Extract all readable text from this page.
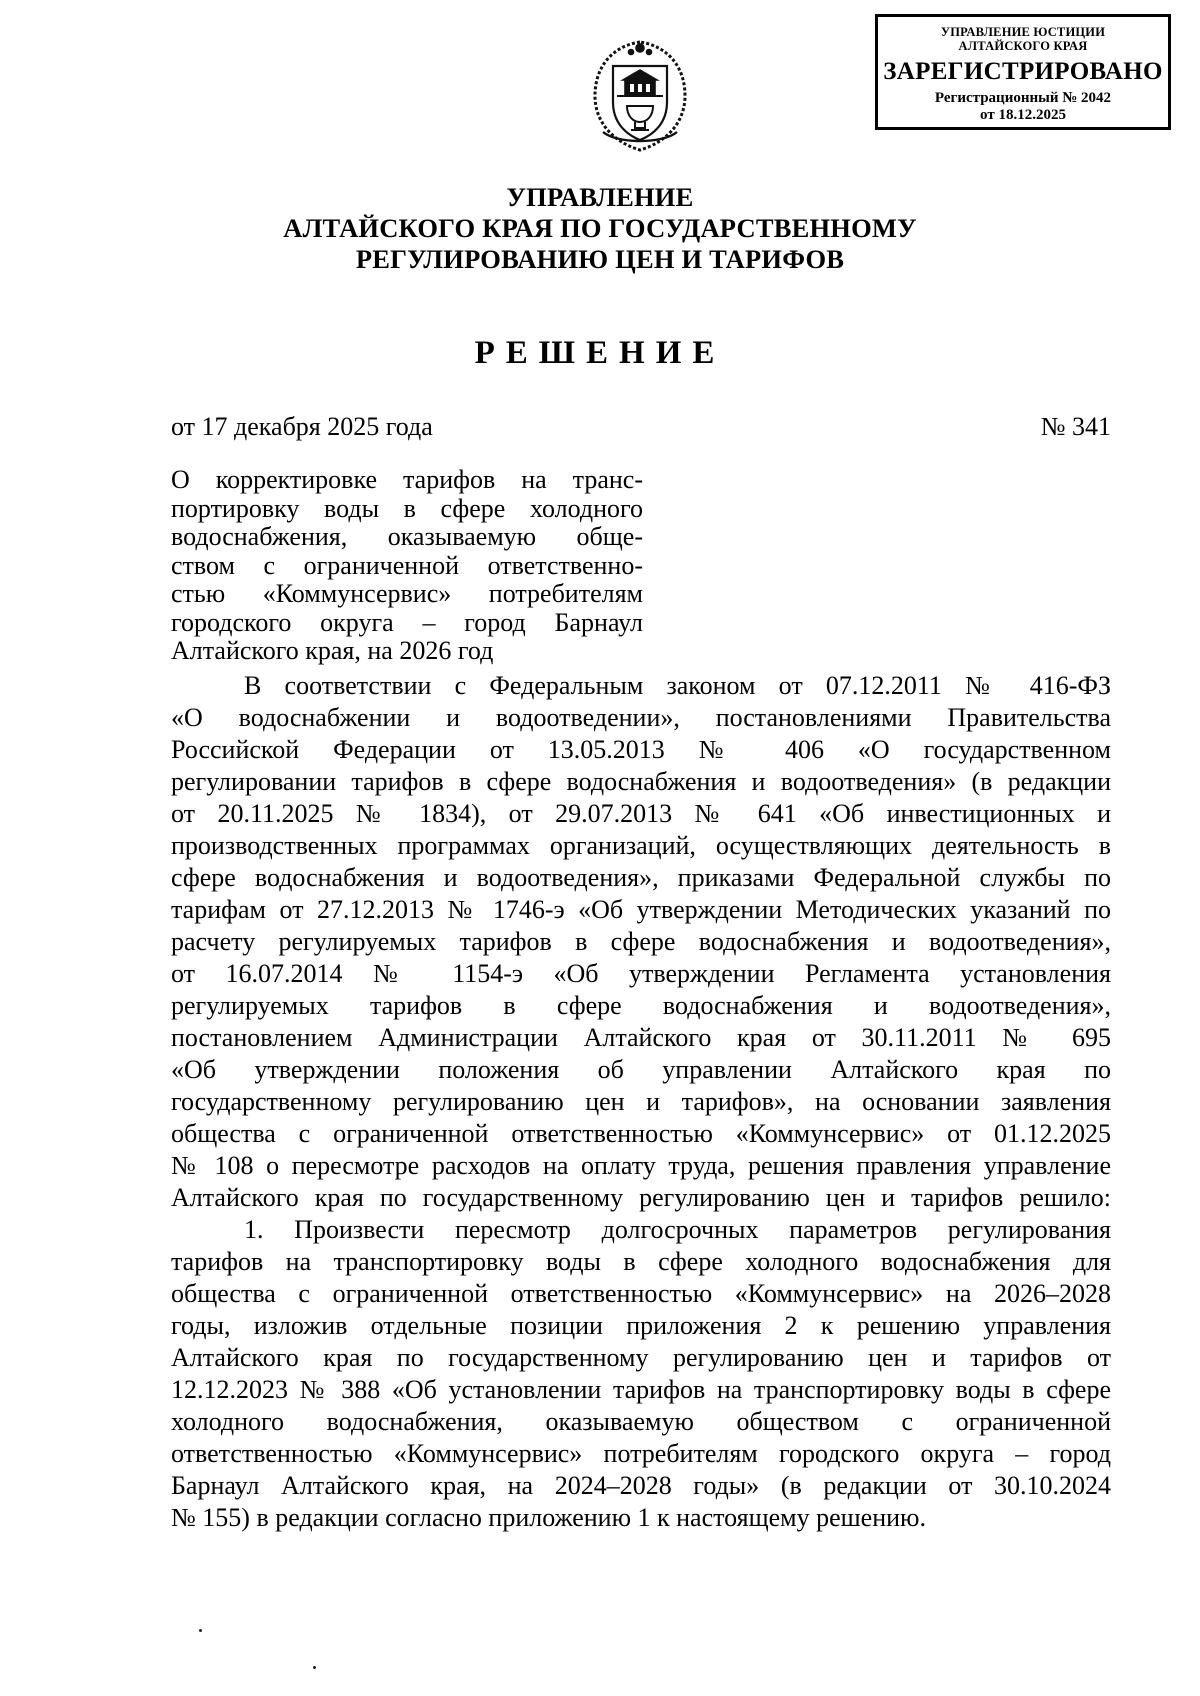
УПРАВЛЕНИЕ ЮСТИЦИИ
АЛТАЙСКОГО КРАЯ
ЗАРЕГИСТРИРОВАНО
Регистрационный № 2042
от 18.12.2025
УПРАВЛЕНИЕ
АЛТАЙСКОГО КРАЯ ПО ГОСУДАРСТВЕННОМУ
РЕГУЛИРОВАНИЮ ЦЕН И ТАРИФОВ
РЕШЕНИЕ
от 17 декабря 2025 года	№ 341
О корректировке тарифов на транс-
портировку воды в сфере холодного
водоснабжения, оказываемую обще-
ством с ограниченной ответственно-
стью «Коммунсервис» потребителям
городского округа – город Барнаул
Алтайского края, на 2026 год
В соответствии с Федеральным законом от 07.12.2011 № 416-ФЗ
«О водоснабжении и водоотведении», постановлениями Правительства
Российской Федерации от 13.05.2013 № 406 «О государственном
регулировании тарифов в сфере водоснабжения и водоотведения» (в редакции
от 20.11.2025 № 1834), от 29.07.2013 № 641 «Об инвестиционных и
производственных программах организаций, осуществляющих деятельность в
сфере водоснабжения и водоотведения», приказами Федеральной службы по
тарифам от 27.12.2013 № 1746-э «Об утверждении Методических указаний по
расчету регулируемых тарифов в сфере водоснабжения и водоотведения»,
от 16.07.2014 № 1154-э «Об утверждении Регламента установления
регулируемых тарифов в сфере водоснабжения и водоотведения»,
постановлением Администрации Алтайского края от 30.11.2011 № 695
«Об утверждении положения об управлении Алтайского края по
государственному регулированию цен и тарифов», на основании заявления
общества с ограниченной ответственностью «Коммунсервис» от 01.12.2025
№ 108 о пересмотре расходов на оплату труда, решения правления управление
Алтайского края по государственному регулированию цен и тарифов решило:
1. Произвести пересмотр долгосрочных параметров регулирования
тарифов на транспортировку воды в сфере холодного водоснабжения для
общества с ограниченной ответственностью «Коммунсервис» на 2026–2028
годы, изложив отдельные позиции приложения 2 к решению управления
Алтайского края по государственному регулированию цен и тарифов от
12.12.2023 № 388 «Об установлении тарифов на транспортировку воды в сфере
холодного водоснабжения, оказываемую обществом с ограниченной
ответственностью «Коммунсервис» потребителям городского округа – город
Барнаул Алтайского края, на 2024–2028 годы» (в редакции от 30.10.2024
№ 155) в редакции согласно приложению 1 к настоящему решению.
